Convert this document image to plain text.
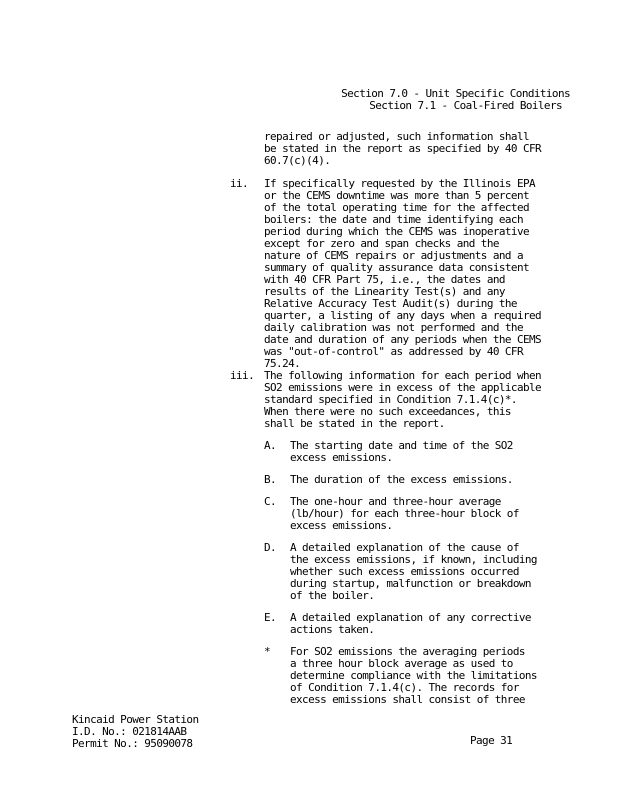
Section 7.0 - Unit Specific Conditions
Section 7.1 - Coal-Fired Boilers
repaired or adjusted, such information shall
be stated in the report as specified by 40 CFR
60.7(c)(4).
ii. If specifically requested by the Illinois EPA
or the CEMS downtime was more than 5 percent
of the total operating time for the affected
boilers: the date and time identifying each
period during which the CEMS was inoperative
except for zero and span checks and the
nature of CEMS repairs or adjustments and a
summary of quality assurance data consistent
with 40 CFR Part 75, i.e., the dates and
results of the Linearity Test(s) and any
Relative Accuracy Test Audit(s) during the
quarter, a listing of any days when a required
daily calibration was not performed and the
date and duration of any periods when the CEMS
was "out-of-control" as addressed by 40 CFR
75.24.
iii. The following information for each period when
SO2 emissions were in excess of the applicable
standard specified in Condition 7.1.4(c)*.
When there were no such exceedances, this
shall be stated in the report.
A. The starting date and time of the SO2
excess emissions.
B. The duration of the excess emissions.
C. The one-hour and three-hour average
(lb/hour) for each three-hour block of
excess emissions.
D. A detailed explanation of the cause of
the excess emissions, if known, including
whether such excess emissions occurred
during startup, malfunction or breakdown
of the boiler.
E. A detailed explanation of any corrective
actions taken.
* For SO2 emissions the averaging periods
a three hour block average as used to
determine compliance with the limitations
of Condition 7.1.4(c). The records for
excess emissions shall consist of three
Kincaid Power Station
I.D. No.: 021814AAB
Permit No.: 95090078	Page 31
